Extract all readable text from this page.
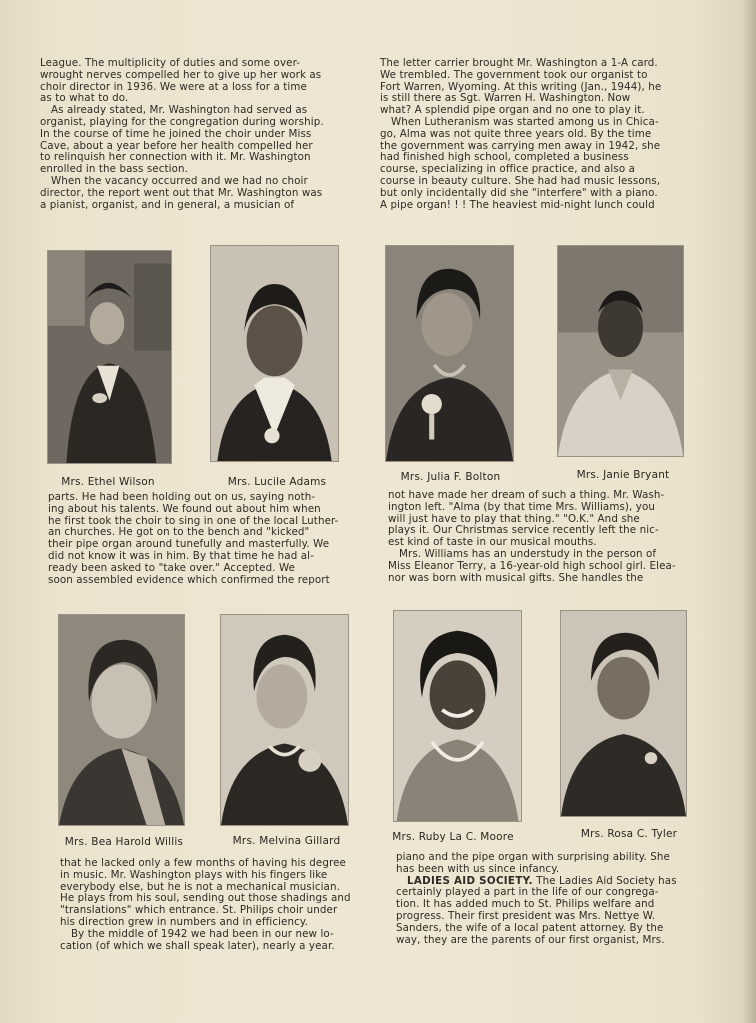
League. The multiplicity of duties and some over-
wrought nerves compelled her to give up her work as
choir director in 1936. We were at a loss for a time
as to what to do.
As already stated, Mr. Washington had served as
organist, playing for the congregation during worship.
In the course of time he joined the choir under Miss
Cave, about a year before her health compelled her
to relinquish her connection with it. Mr. Washington
enrolled in the bass section.
When the vacancy occurred and we had no choir
director, the report went out that Mr. Washington was
a pianist, organist, and in general, a musician of
The letter carrier brought Mr. Washington a 1-A card.
We trembled. The government took our organist to
Fort Warren, Wyoming. At this writing (Jan., 1944), he
is still there as Sgt. Warren H. Washington. Now
what? A splendid pipe organ and no one to play it.
When Lutheranism was started among us in Chica-
go, Alma was not quite three years old. By the time
the government was carrying men away in 1942, she
had finished high school, completed a business
course, specializing in office practice, and also a
course in beauty culture. She had had music lessons,
but only incidentally did she "interfere" with a piano.
A pipe organ! ! ! The heaviest mid-night lunch could
Mrs. Ethel Wilson	Mrs. Lucile Adams	Mrs. Julia F. Bolton	Mrs. Janie Bryant
parts. He had been holding out on us, saying noth-
ing about his talents. We found out about him when
he first took the choir to sing in one of the local Luther-
an churches. He got on to the bench and "kicked"
their pipe organ around tunefully and masterfully. We
did not know it was in him. By that time he had al-
ready been asked to "take over." Accepted. We
soon assembled evidence which confirmed the report
not have made her dream of such a thing. Mr. Wash-
ington left. "Alma (by that time Mrs. Williams), you
will just have to play that thing." "O.K." And she
plays it. Our Christmas service recently left the nic-
est kind of taste in our musical mouths.
Mrs. Williams has an understudy in the person of
Miss Eleanor Terry, a 16-year-old high school girl. Elea-
nor was born with musical gifts. She handles the
Mrs. Bea Harold Willis	Mrs. Melvina Gillard	Mrs. Ruby La C. Moore	Mrs. Rosa C. Tyler
that he lacked only a few months of having his degree
in music. Mr. Washington plays with his fingers like
everybody else, but he is not a mechanical musician.
He plays from his soul, sending out those shadings and
"translations" which entrance. St. Philips choir under
his direction grew in numbers and in efficiency.
By the middle of 1942 we had been in our new lo-
cation (of which we shall speak later), nearly a year.
piano and the pipe organ with surprising ability. She
has been with us since infancy.
LADIES AID SOCIETY. The Ladies Aid Society has
certainly played a part in the life of our congrega-
tion. It has added much to St. Philips welfare and
progress. Their first president was Mrs. Nettye W.
Sanders, the wife of a local patent attorney. By the
way, they are the parents of our first organist, Mrs.
